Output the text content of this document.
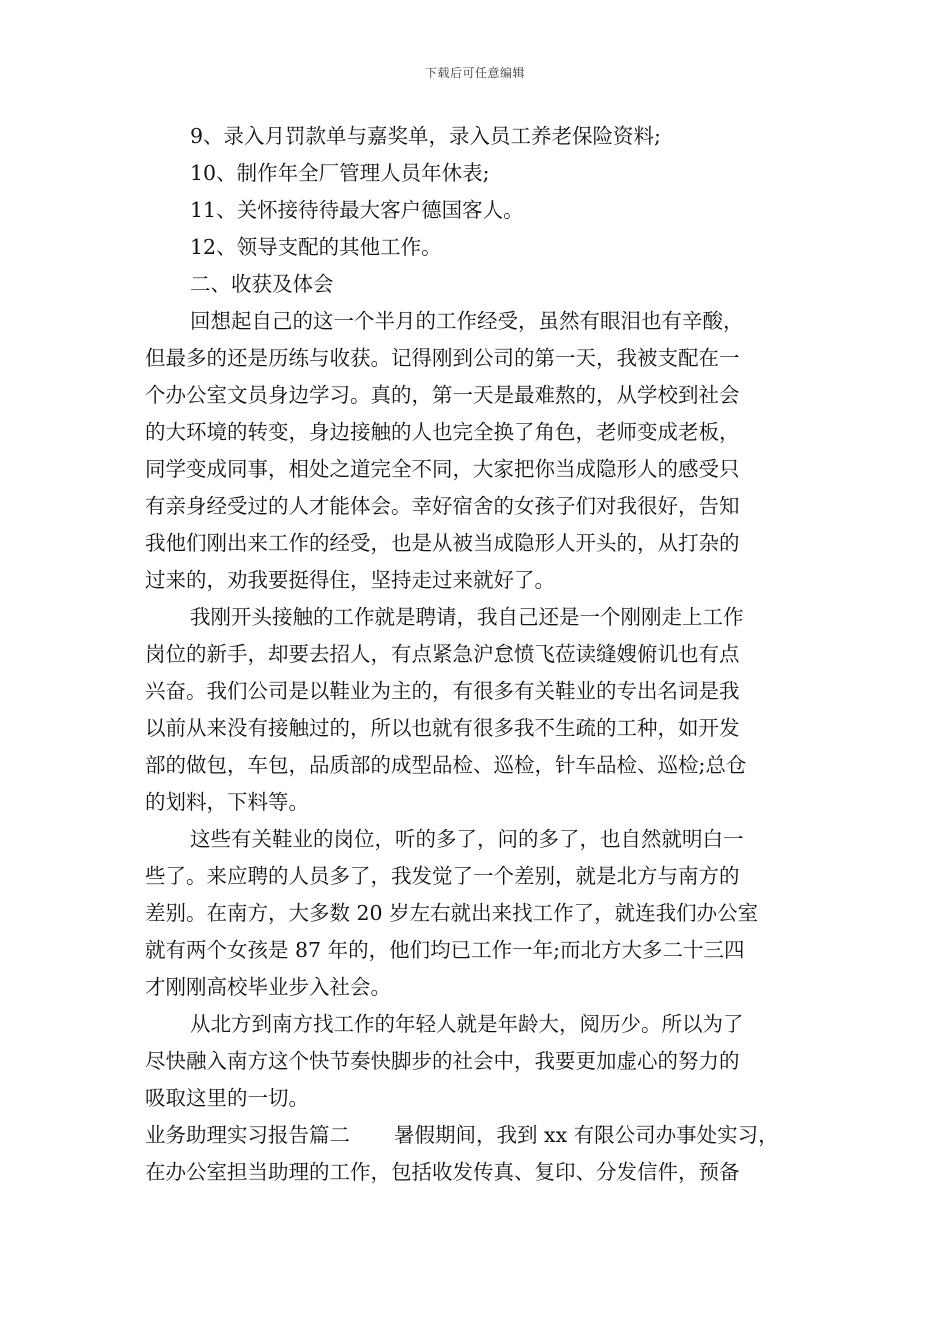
下载后可任意编辑
9、录入月罚款单与嘉奖单，录入员工养老保险资料;
10、制作年全厂管理人员年休表;
11、关怀接待待最大客户德国客人。
12、领导支配的其他工作。
二、收获及体会
回想起自己的这一个半月的工作经受，虽然有眼泪也有辛酸，
但最多的还是历练与收获。记得刚到公司的第一天，我被支配在一
个办公室文员身边学习。真的，第一天是最难熬的，从学校到社会
的大环境的转变，身边接触的人也完全换了角色，老师变成老板，
同学变成同事，相处之道完全不同，大家把你当成隐形人的感受只
有亲身经受过的人才能体会。幸好宿舍的女孩子们对我很好，告知
我他们刚出来工作的经受，也是从被当成隐形人开头的，从打杂的
过来的，劝我要挺得住，坚持走过来就好了。
我刚开头接触的工作就是聘请，我自己还是一个刚刚走上工作
岗位的新手，却要去招人，有点紧急沪怠愤飞莅读缝嫂俯讥也有点
兴奋。我们公司是以鞋业为主的，有很多有关鞋业的专出名词是我
以前从来没有接触过的，所以也就有很多我不生疏的工种，如开发
部的做包，车包，品质部的成型品检、巡检，针车品检、巡检;总仓
的划料，下料等。
这些有关鞋业的岗位，听的多了，问的多了，也自然就明白一
些了。来应聘的人员多了，我发觉了一个差别，就是北方与南方的
差别。在南方，大多数 20 岁左右就出来找工作了，就连我们办公室
就有两个女孩是 87 年的，他们均已工作一年;而北方大多二十三四
才刚刚高校毕业步入社会。
从北方到南方找工作的年轻人就是年龄大，阅历少。所以为了
尽快融入南方这个快节奏快脚步的社会中，我要更加虚心的努力的
吸取这里的一切。
业务助理实习报告篇二 暑假期间，我到 xx 有限公司办事处实习，
在办公室担当助理的工作，包括收发传真、复印、分发信件，预备
